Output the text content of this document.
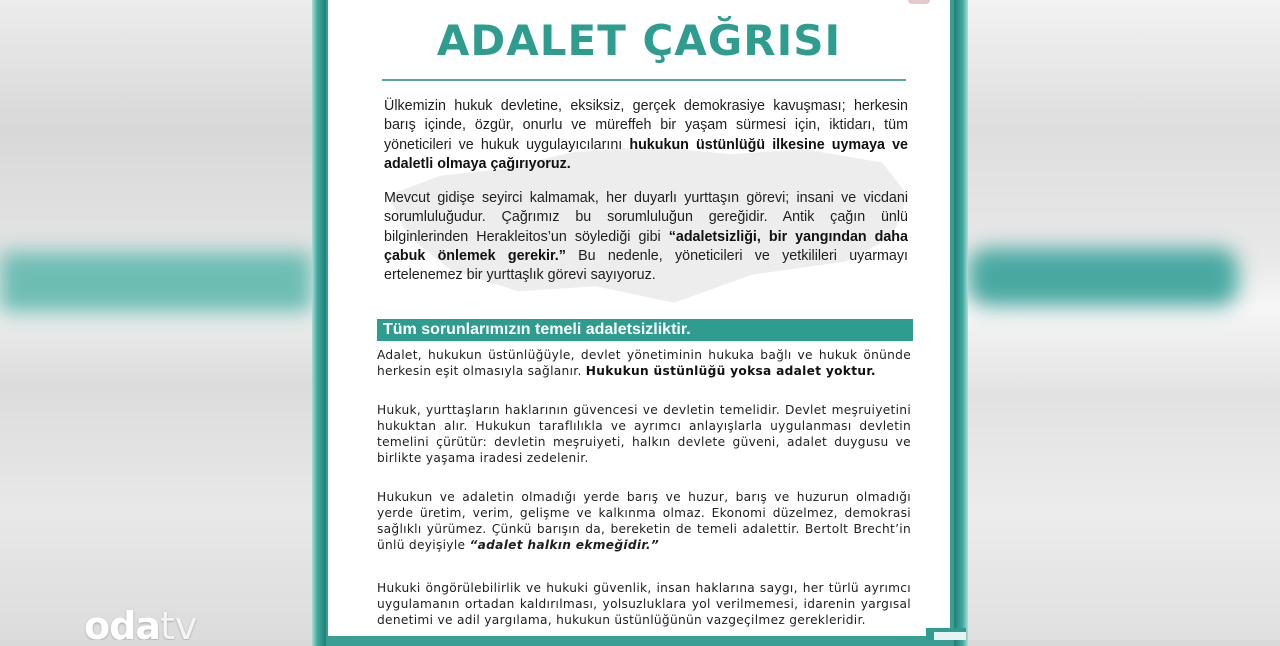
ADALET ÇAĞRISI
Ülkemizin hukuk devletine, eksiksiz, gerçek demokrasiye kavuşması; herkesin barış içinde, özgür, onurlu ve müreffeh bir yaşam sürmesi için, iktidarı, tüm yöneticileri ve hukuk uygulayıcılarını hukukun üstünlüğü ilkesine uymaya ve adaletli olmaya çağırıyoruz.
Mevcut gidişe seyirci kalmamak, her duyarlı yurttaşın görevi; insani ve vicdani sorumluluğudur. Çağrımız bu sorumluluğun gereğidir. Antik çağın ünlü bilginlerinden Herakleitos’un söylediği gibi “adaletsizliği, bir yangından daha çabuk önlemek gerekir.” Bu nedenle, yöneticileri ve yetkilileri uyarmayı ertelenemez bir yurttaşlık görevi sayıyoruz.
Tüm sorunlarımızın temeli adaletsizliktir.
Adalet, hukukun üstünlüğüyle, devlet yönetiminin hukuka bağlı ve hukuk önünde herkesin eşit olmasıyla sağlanır. Hukukun üstünlüğü yoksa adalet yoktur.
Hukuk, yurttaşların haklarının güvencesi ve devletin temelidir. Devlet meşruiyetini hukuktan alır. Hukukun taraflılıkla ve ayrımcı anlayışlarla uygulanması devletin temelini çürütür: devletin meşruiyeti, halkın devlete güveni, adalet duygusu ve birlikte yaşama iradesi zedelenir.
Hukukun ve adaletin olmadığı yerde barış ve huzur, barış ve huzurun olmadığı yerde üretim, verim, gelişme ve kalkınma olmaz. Ekonomi düzelmez, demokrasi sağlıklı yürümez. Çünkü barışın da, bereketin de temeli adalettir. Bertolt Brecht’in ünlü deyişiyle “adalet halkın ekmeğidir.”
Hukuki öngörülebilirlik ve hukuki güvenlik, insan haklarına saygı, her türlü ayrımcı uygulamanın ortadan kaldırılması, yolsuzluklara yol verilmemesi, idarenin yargısal denetimi ve adil yargılama, hukukun üstünlüğünün vazgeçilmez gerekleridir.
odatv
